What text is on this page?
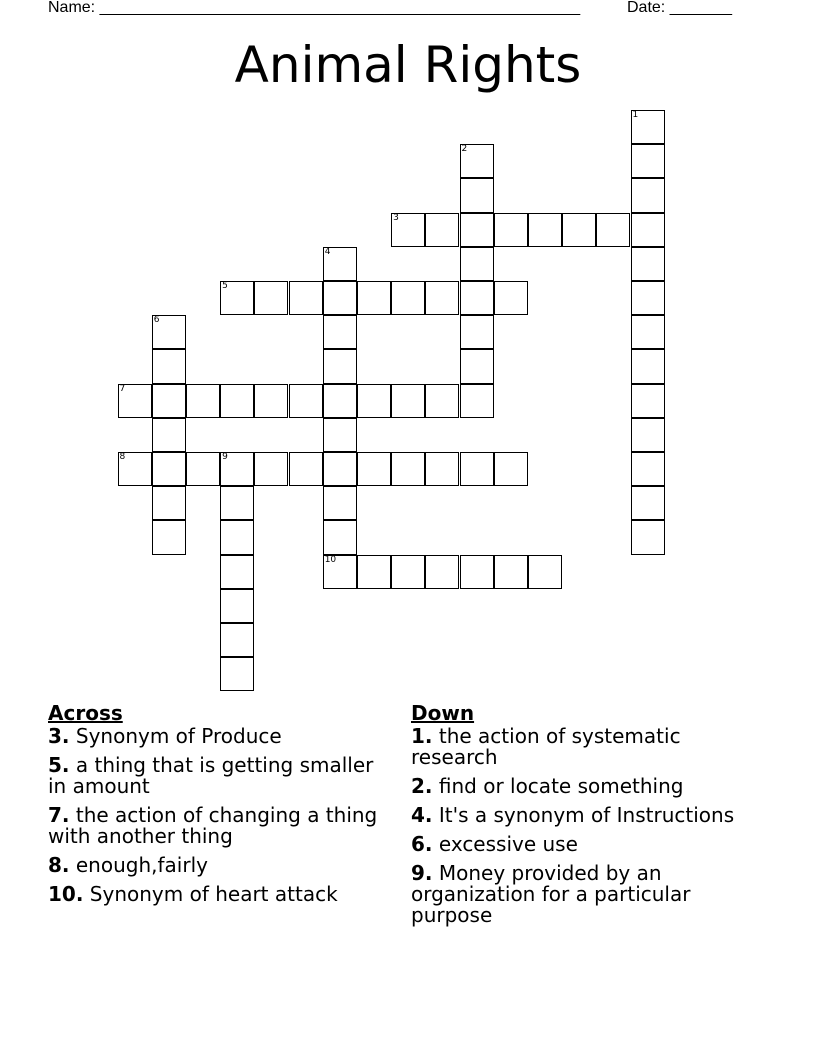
Name: ______________________________________________________	Date: _______
Animal Rights
1
2
3
4
10
5
6
7
8	9
Across
3. Synonym of Produce
5. a thing that is getting smaller in amount
7. the action of changing a thing with another thing
8. enough,fairly
10. Synonym of heart attack
Down
1. the action of systematic research
2. find or locate something
4. It's a synonym of Instructions
6. excessive use
9. Money provided by an organization for a particular purpose
